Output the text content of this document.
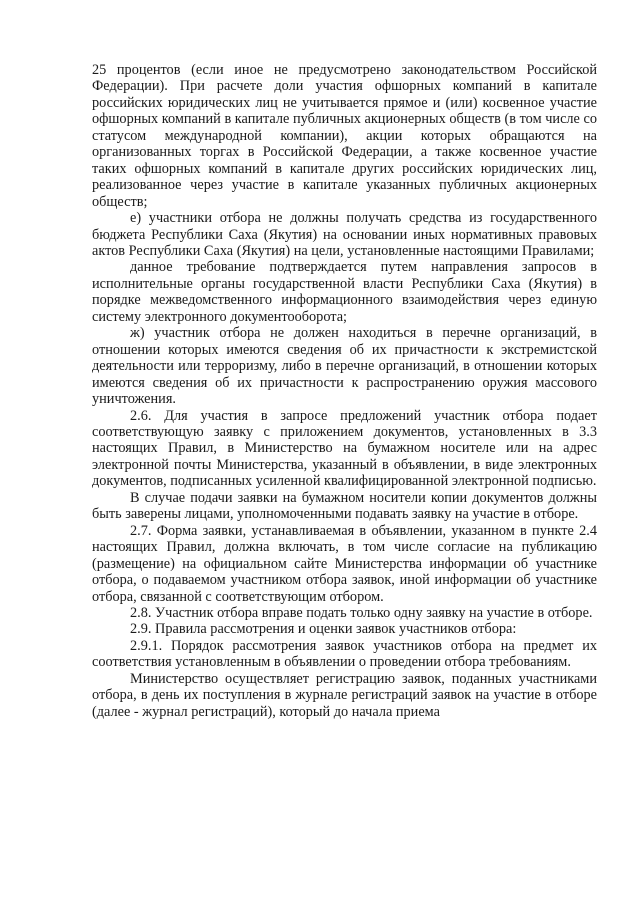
25 процентов (если иное не предусмотрено законодательством Российской Федерации). При расчете доли участия офшорных компаний в капитале российских юридических лиц не учитывается прямое и (или) косвенное участие офшорных компаний в капитале публичных акционерных обществ (в том числе со статусом международной компании), акции которых обращаются на организованных торгах в Российской Федерации, а также косвенное участие таких офшорных компаний в капитале других российских юридических лиц, реализованное через участие в капитале указанных публичных акционерных обществ;

е) участники отбора не должны получать средства из государственного бюджета Республики Саха (Якутия) на основании иных нормативных правовых актов Республики Саха (Якутия) на цели, установленные настоящими Правилами;

данное требование подтверждается путем направления запросов в исполнительные органы государственной власти Республики Саха (Якутия) в порядке межведомственного информационного взаимодействия через единую систему электронного документооборота;

ж) участник отбора не должен находиться в перечне организаций, в отношении которых имеются сведения об их причастности к экстремистской деятельности или терроризму, либо в перечне организаций, в отношении которых имеются сведения об их причастности к распространению оружия массового уничтожения.

2.6. Для участия в запросе предложений участник отбора подает соответствующую заявку с приложением документов, установленных в 3.3 настоящих Правил, в Министерство на бумажном носителе или на адрес электронной почты Министерства, указанный в объявлении, в виде электронных документов, подписанных усиленной квалифицированной электронной подписью.

В случае подачи заявки на бумажном носители копии документов должны быть заверены лицами, уполномоченными подавать заявку на участие в отборе.

2.7. Форма заявки, устанавливаемая в объявлении, указанном в пункте 2.4 настоящих Правил, должна включать, в том числе согласие на публикацию (размещение) на официальном сайте Министерства информации об участнике отбора, о подаваемом участником отбора заявок, иной информации об участнике отбора, связанной с соответствующим отбором.

2.8. Участник отбора вправе подать только одну заявку на участие в отборе.

2.9. Правила рассмотрения и оценки заявок участников отбора:

2.9.1. Порядок рассмотрения заявок участников отбора на предмет их соответствия установленным в объявлении о проведении отбора требованиям.

Министерство осуществляет регистрацию заявок, поданных участниками отбора, в день их поступления в журнале регистраций заявок на участие в отборе (далее - журнал регистраций), который до начала приема
